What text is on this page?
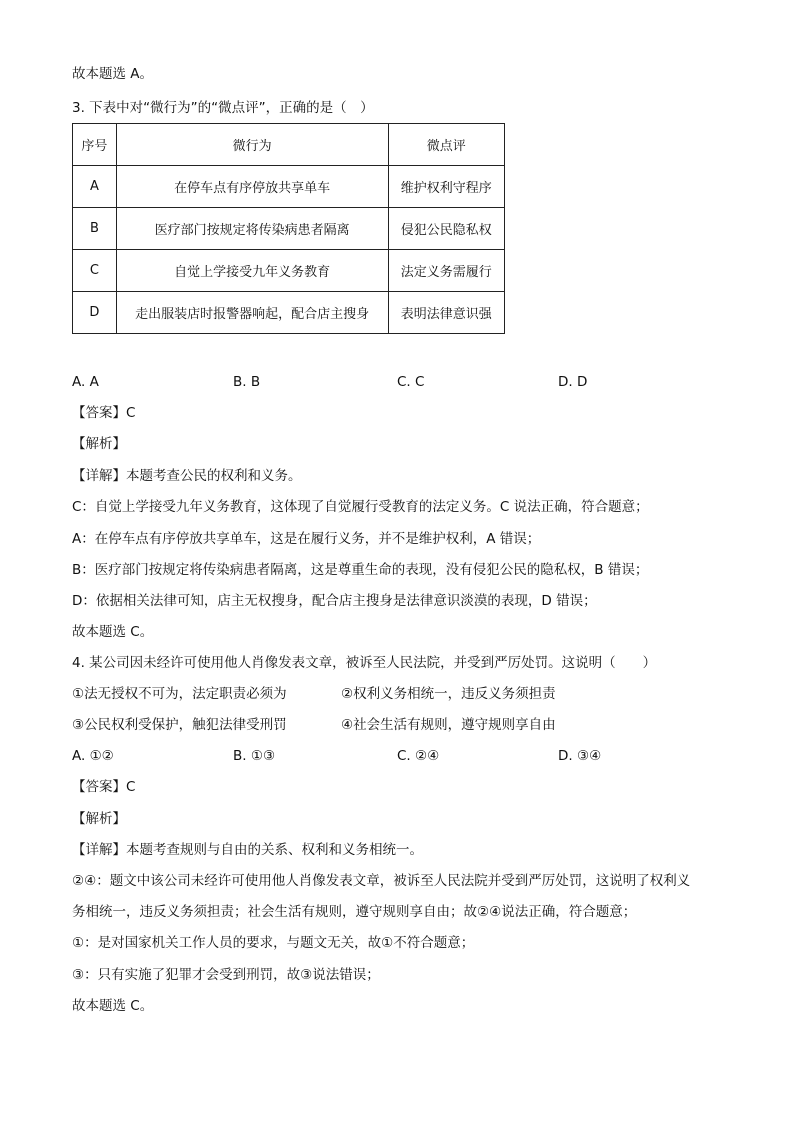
故本题选 A。
3. 下表中对“微行为”的“微点评”，正确的是（　）
序号	微行为	微点评
A	在停车点有序停放共享单车	维护权利守程序
B	医疗部门按规定将传染病患者隔离	侵犯公民隐私权
C	自觉上学接受九年义务教育	法定义务需履行
D	走出服装店时报警器响起，配合店主搜身	表明法律意识强
A. A	B. B	C. C	D. D
【答案】C
【解析】
【详解】本题考查公民的权利和义务。
C：自觉上学接受九年义务教育，这体现了自觉履行受教育的法定义务。C 说法正确，符合题意；
A：在停车点有序停放共享单车，这是在履行义务，并不是维护权利，A 错误；
B：医疗部门按规定将传染病患者隔离，这是尊重生命的表现，没有侵犯公民的隐私权，B 错误；
D：依据相关法律可知，店主无权搜身，配合店主搜身是法律意识淡漠的表现，D 错误；
故本题选 C。
4. 某公司因未经许可使用他人肖像发表文章，被诉至人民法院，并受到严厉处罚。这说明（　　）
①法无授权不可为，法定职责必须为	②权利义务相统一，违反义务须担责
③公民权利受保护，触犯法律受刑罚	④社会生活有规则，遵守规则享自由
A. ①②	B. ①③	C. ②④	D. ③④
【答案】C
【解析】
【详解】本题考查规则与自由的关系、权利和义务相统一。
②④：题文中该公司未经许可使用他人肖像发表文章，被诉至人民法院并受到严厉处罚，这说明了权利义
务相统一，违反义务须担责；社会生活有规则，遵守规则享自由；故②④说法正确，符合题意；
①：是对国家机关工作人员的要求，与题文无关，故①不符合题意；
③：只有实施了犯罪才会受到刑罚，故③说法错误；
故本题选 C。
